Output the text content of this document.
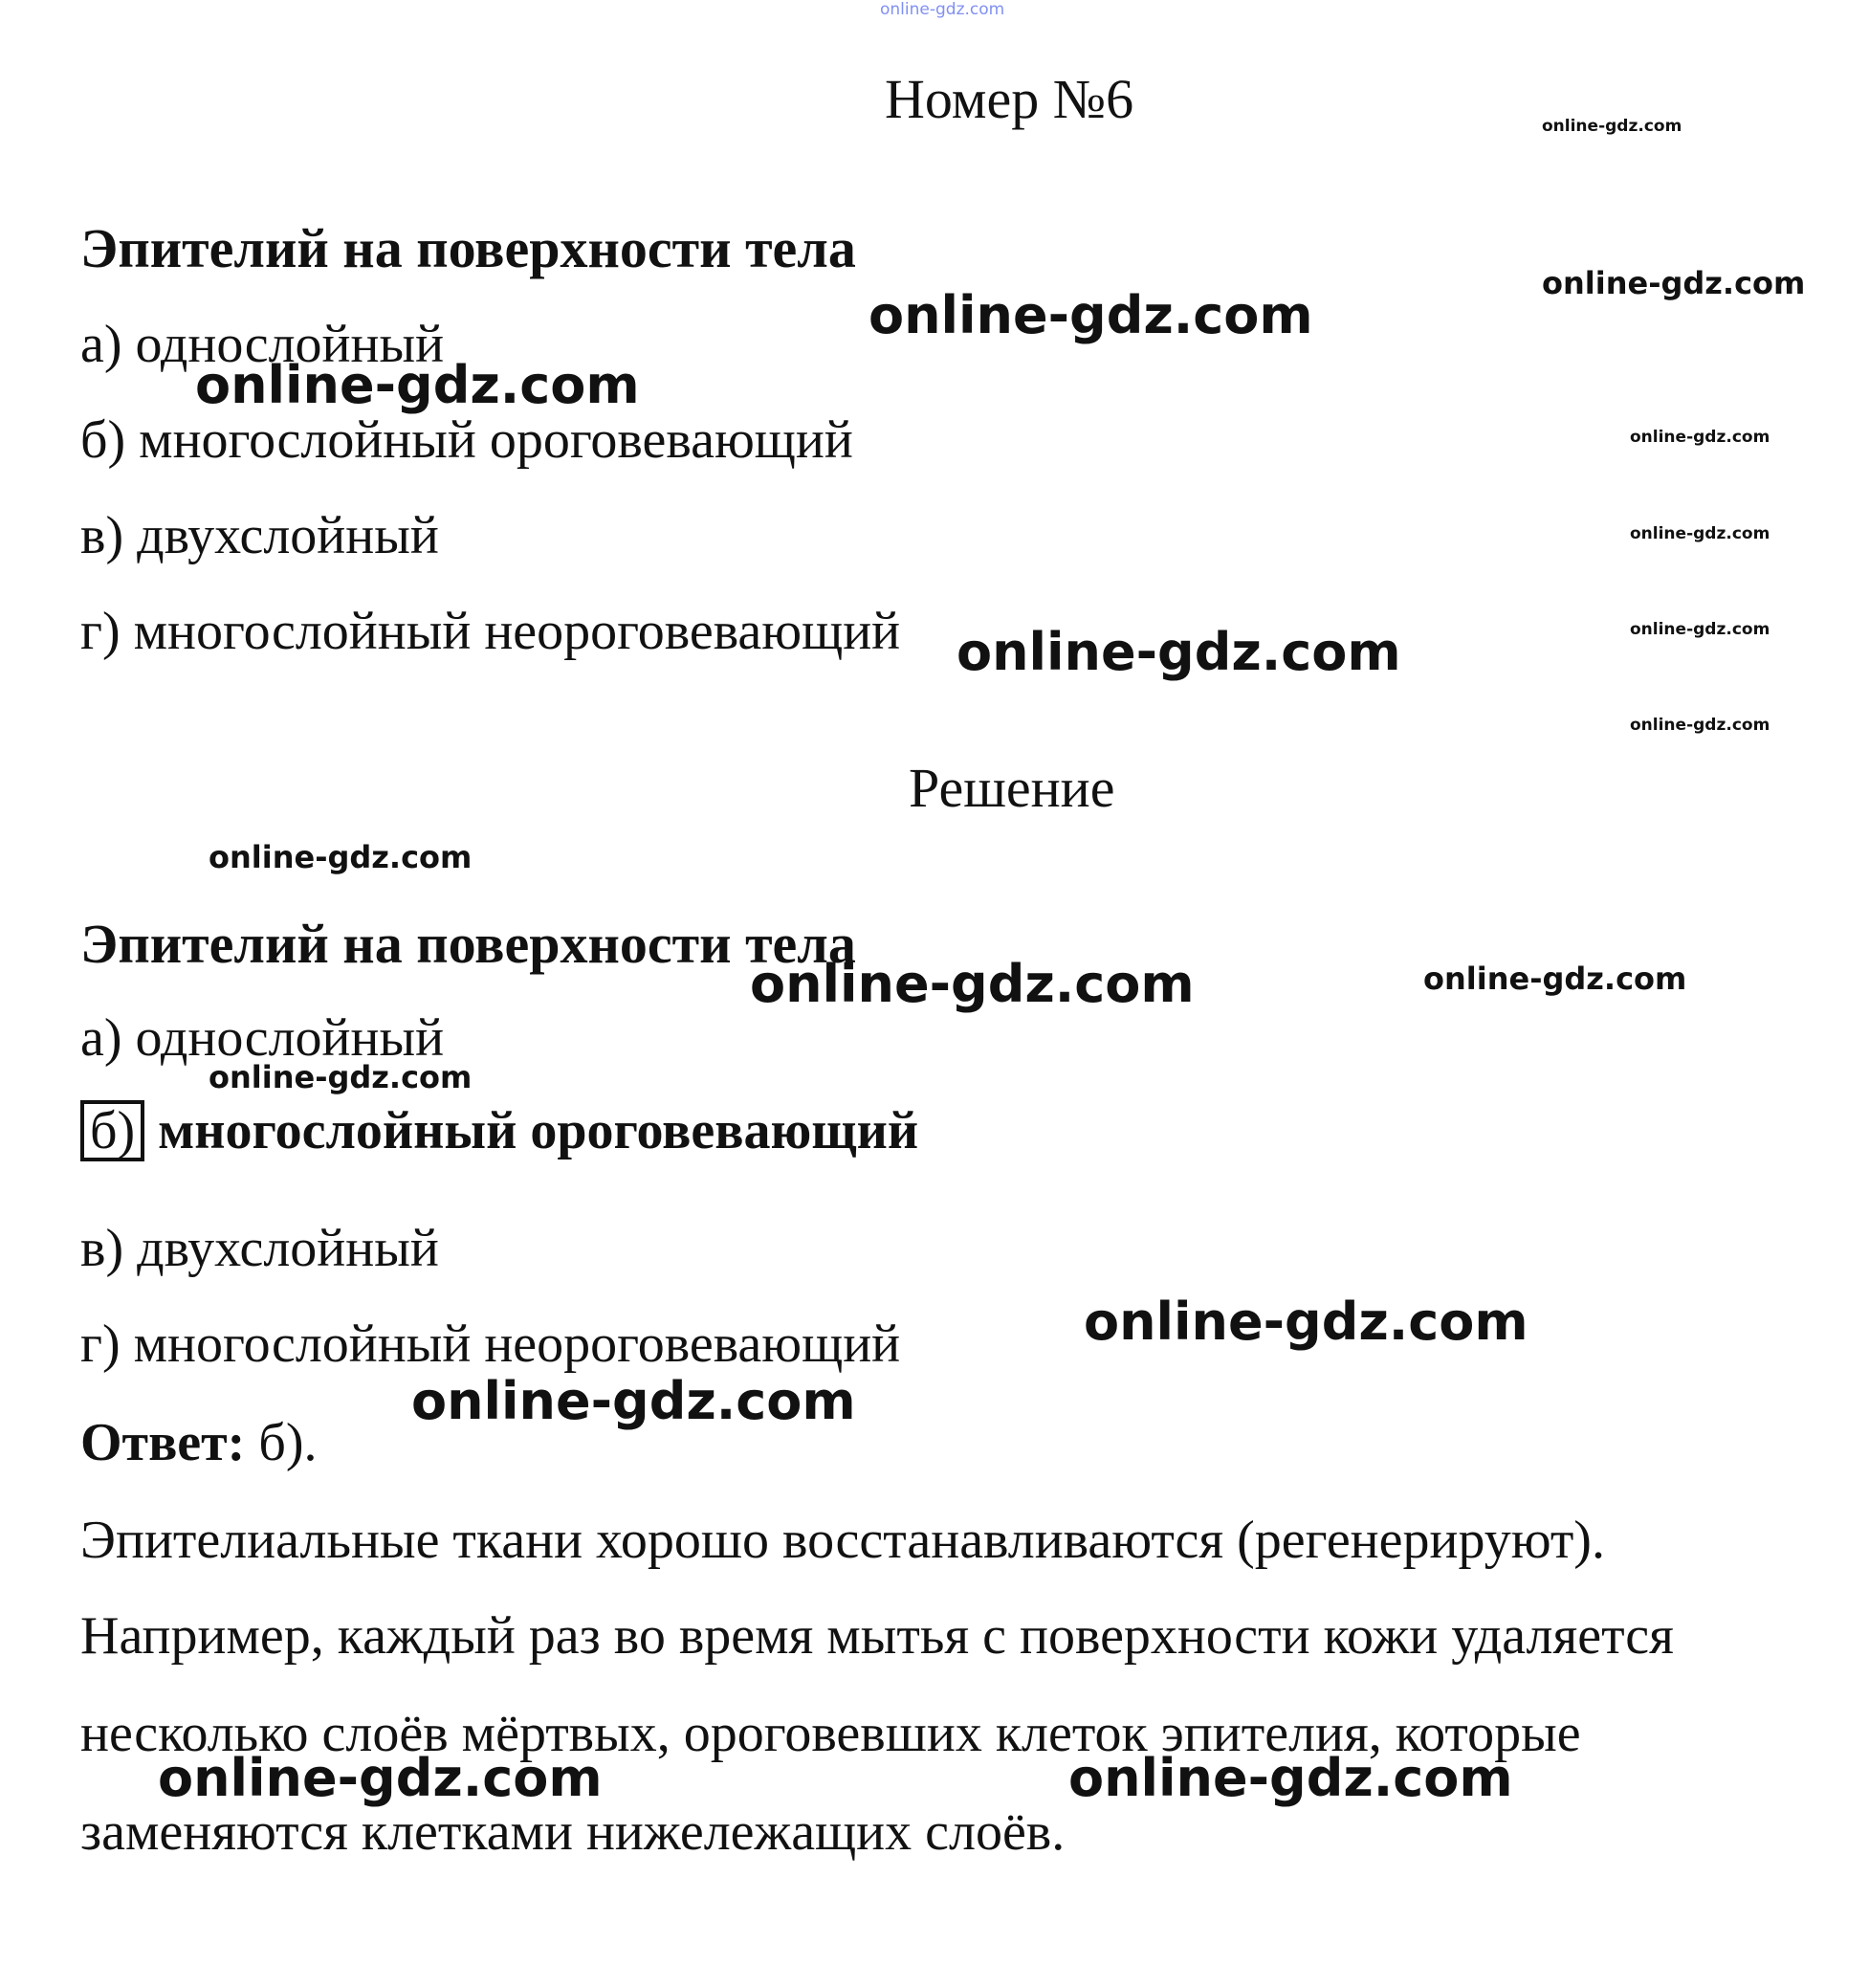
Номер №6
Эпителий на поверхности тела
а) однослойный
б) многослойный ороговевающий
в) двухслойный
г) многослойный неороговевающий
Решение
Эпителий на поверхности тела
а) однослойный
б) многослойный ороговевающий
в) двухслойный
г) многослойный неороговевающий
Ответ: б).
Эпителиальные ткани хорошо восстанавливаются (регенерируют).
Например, каждый раз во время мытья с поверхности кожи удаляется
несколько слоёв мёртвых, ороговевших клеток эпителия, которые
заменяются клетками нижележащих слоёв.
online-gdz.com
online-gdz.com
online-gdz.com
online-gdz.com
online-gdz.com
online-gdz.com
online-gdz.com
online-gdz.com
online-gdz.com
online-gdz.com
online-gdz.com
online-gdz.com
online-gdz.com
online-gdz.com
online-gdz.com
online-gdz.com
online-gdz.com	online-gdz.com
